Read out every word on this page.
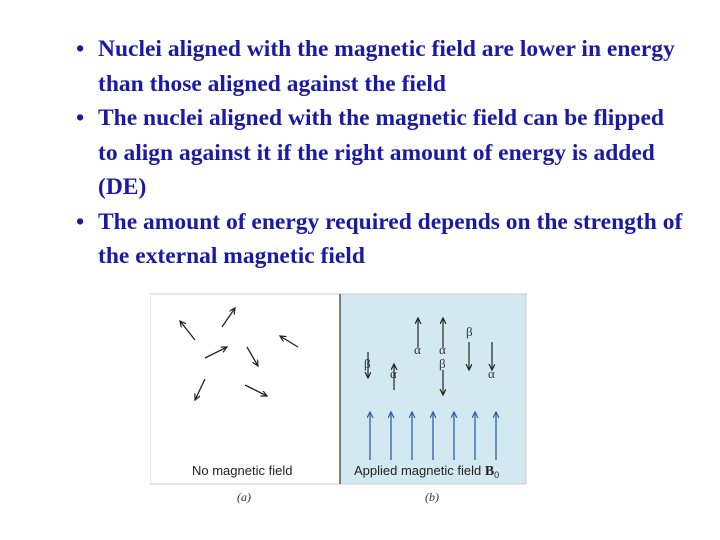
• Nuclei aligned with the magnetic field are lower in energy than those aligned against the field
• The nuclei aligned with the magnetic field can be flipped to align against it if the right amount of energy is added (DE)
• The amount of energy required depends on the strength of the external magnetic field
β
α α
β
α
β
α
No magnetic field	Applied magnetic field $B_0$
(a)	(b)
